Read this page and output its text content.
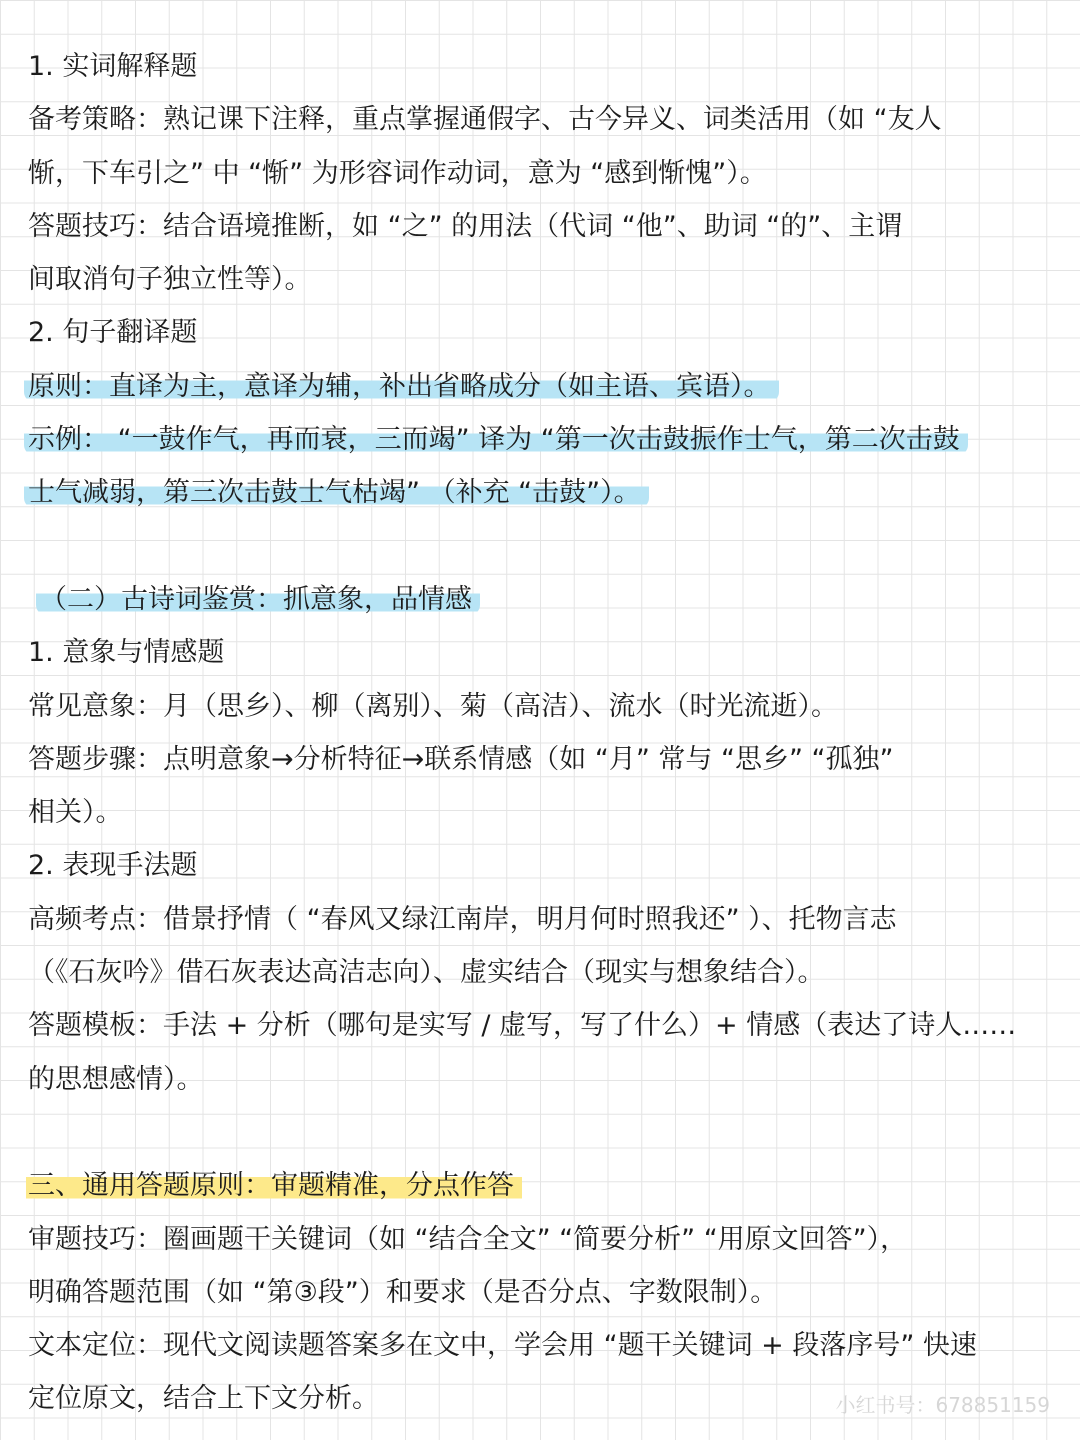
1. 实词解释题
备考策略：熟记课下注释，重点掌握通假字、古今异义、词类活用（如 “友人
惭，下车引之” 中 “惭” 为形容词作动词，意为 “感到惭愧”）。
答题技巧：结合语境推断，如 “之” 的用法（代词 “他”、助词 “的”、主谓
间取消句子独立性等）。
2. 句子翻译题
原则：直译为主，意译为辅，补出省略成分（如主语、宾语）。
示例： “一鼓作气，再而衰，三而竭” 译为 “第一次击鼓振作士气，第二次击鼓
士气减弱，第三次击鼓士气枯竭” （补充 “击鼓”）。
（二）古诗词鉴赏：抓意象，品情感
1. 意象与情感题
常见意象：月（思乡）、柳（离别）、菊（高洁）、流水（时光流逝）。
答题步骤：点明意象→分析特征→联系情感（如 “月” 常与 “思乡” “孤独”
相关）。
2. 表现手法题
高频考点：借景抒情（ “春风又绿江南岸，明月何时照我还” ）、托物言志
（《石灰吟》借石灰表达高洁志向）、虚实结合（现实与想象结合）。
答题模板：手法 + 分析（哪句是实写 / 虚写，写了什么）+ 情感（表达了诗人……
的思想感情）。
三、通用答题原则：审题精准，分点作答
审题技巧：圈画题干关键词（如 “结合全文” “简要分析” “用原文回答”），
明确答题范围（如 “第③段”）和要求（是否分点、字数限制）。
文本定位：现代文阅读题答案多在文中，学会用 “题干关键词 + 段落序号” 快速
定位原文，结合上下文分析。	小红书号：678851159
